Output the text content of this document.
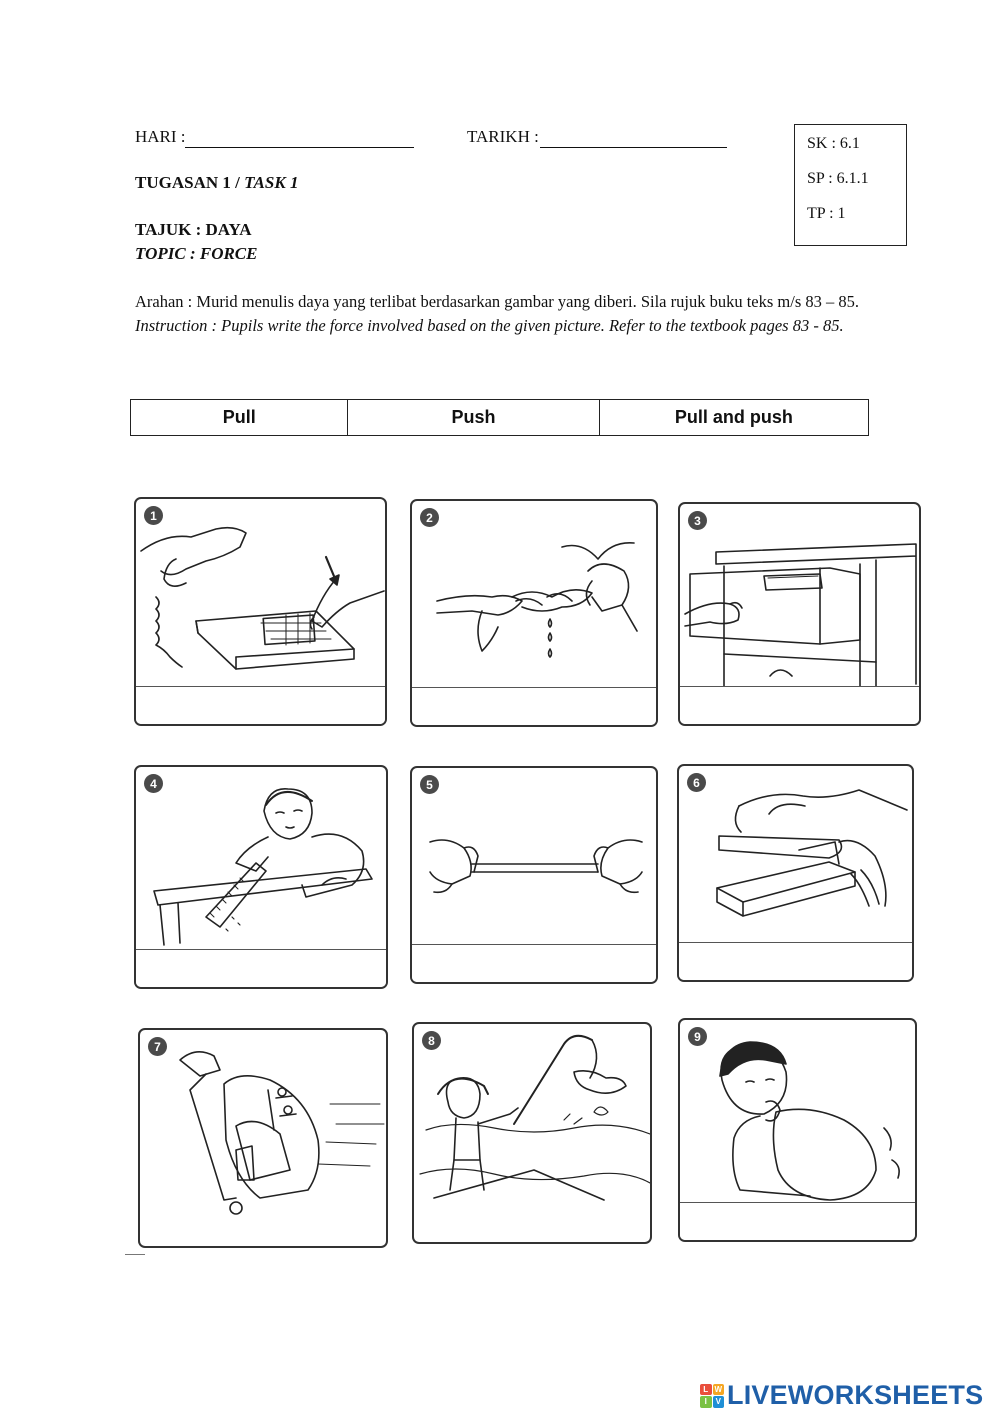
HARI :	TARIKH :
TUGASAN 1 / TASK 1
TAJUK : DAYA
TOPIC : FORCE
SK : 6.1
SP : 6.1.1
TP : 1
Arahan : Murid menulis daya yang terlibat berdasarkan gambar yang diberi. Sila rujuk buku teks m/s 83 – 85.
Instruction : Pupils write the force involved based on the given picture. Refer to the textbook pages 83 - 85.
Pull	Push	Pull and push
1	2	3
4	5	6
7	8	9
L W
I	V LIVEWORKSHEETS
